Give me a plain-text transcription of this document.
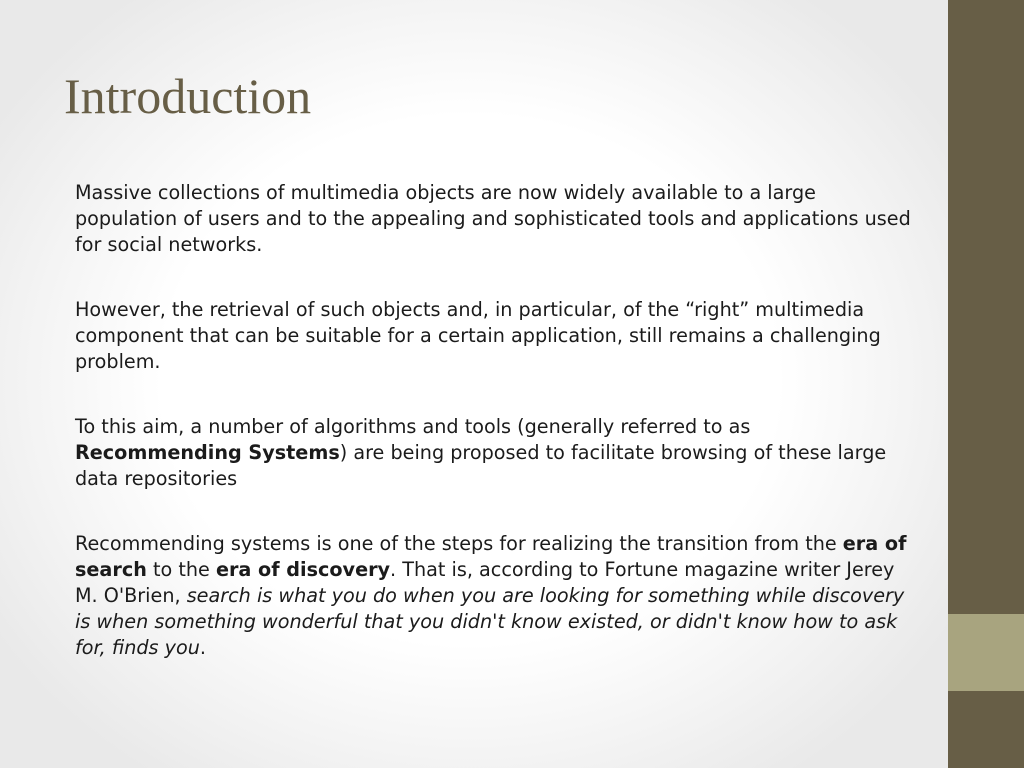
Introduction

Massive collections of multimedia objects are now widely available to a large population of users and to the appealing and sophisticated tools and applications used for social networks.

However, the retrieval of such objects and, in particular, of the “right” multimedia component that can be suitable for a certain application, still remains a challenging problem.

To this aim, a number of algorithms and tools (generally referred to as Recommending Systems) are being proposed to facilitate browsing of these large data repositories

Recommending systems is one of the steps for realizing the transition from the era of search to the era of discovery. That is, according to Fortune magazine writer Jerey M. O'Brien, search is what you do when you are looking for something while discovery is when something wonderful that you didn't know existed, or didn't know how to ask for, finds you.
